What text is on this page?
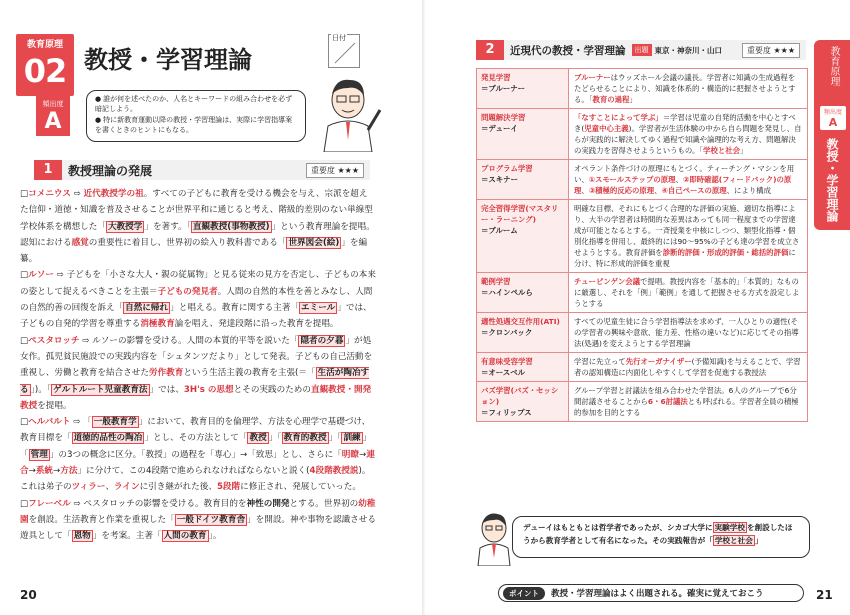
教育原理
02 教授・学習理論
日付
頻出度
A
● 誰が何を述べたのか、人名とキーワードの組み合わせを必ず暗記しよう。
● 特に新教育運動以降の教授・学習理論は、実際に学習指導案を書くときのヒントにもなる。
1	教授理論の発展	重要度 ★★★
□コメニウス ⇨ 近代教授学の祖。すべての子どもに教育を受ける機会を与え、宗派を超えた信仰・道徳・知識を普及させることが世界平和に通じると考え、階級的差別のない単線型学校体系を構想した「 大教授学 」を著す。「 直観教授(事物教授) 」という教育理論を提唱。認知における感覚の重要性に着目し、世界初の絵入り教科書である「 世界図会(絵) 」を編纂。
□ルソー ⇨ 子どもを「小さな大人・親の従属物」と見る従来の見方を否定し、子どもの本来の姿として捉えるべきことを主張＝子どもの発見者。人間の自然的本性を善とみなし、人間の自然的善の回復を訴え「 自然に帰れ 」と唱える。教育に関する主著「 エミール 」では、子どもの自発的学習を尊重する消極教育論を唱え、発達段階に沿った教育を提唱。
□ペスタロッチ ⇨ ルソーの影響を受ける。人間の本質的平等を説いた「 隠者の夕暮 」が処女作。孤児貧民施設での実践内容を「シュタンツだより」として発表。子どもの自己活動を重視し、労働と教育を結合させた労作教育という生活主義の教育を主張(＝「 生活が陶冶する 」)。「 ゲルトルート児童教育法 」では、3H's の思想とその実践のための直観教授・開発教授を提唱。
□ヘルバルト ⇨ 「 一般教育学 」において、教育目的を倫理学、方法を心理学で基礎づけ、教育目標を「 道徳的品性の陶冶 」とし、その方法として「 教授 」「 教育的教授 」「 訓練 」「 管理 」の3つの概念に区分。「教授」の過程を「専心」→「致思」とし、さらに「明瞭→連合→系統→方法」に分けて、この4段階で進められなければならないと説く(4段階教授説)。これは弟子のツィラー、ラインに引き継がれた後、5段階に修正され、発展していった。
□フレーベル ⇨ ペスタロッチの影響を受ける。教育目的を神性の開発とする。世界初の幼稚園を創設。生活教育と作業を重視した「 一般ドイツ教育舎 」を開設。神や事物を認識させる遊具として「 恩物 」を考案。主著「 人間の教育 」。
20
2	近現代の教授・学習理論	出題 東京・神奈川・山口	重要度 ★★★
発見学習
＝ブルーナー	ブルーナーはウッズホール会議の議長。学習者に知識の生成過程をたどらせることにより、知識を体系的・構造的に把握させようとする。「教育の過程」

問題解決学習
＝デューイ	「なすことによって学ぶ」＝学習は児童の自発的活動を中心とすべき(児童中心主義)。学習者が生活体験の中から自ら問題を発見し、自らが実践的に解決してゆく過程で知識や論理的な考え方、問題解決の実践力を習得させようというもの。「学校と社会」

プログラム学習
＝スキナー	オペラント条件づけの原理にもとづく。ティーチング・マシンを用い、①スモールステップの原理、②即時確認(フィードバック)の原理、③積極的反応の原理、④自己ペースの原理、により構成

完全習得学習(マスタリー・ラーニング)
＝ブルーム	明確な目標、それにもとづく合理的な評価の実施、適切な指導により、大半の学習者は時間的な差異はあっても同一程度までの学習達成が可能となるとする。一斉授業を中核にしつつ、類型化指導・個別化指導を併用し、最終的には90〜95%の子ども達の学習を成立させようとする。教育評価を診断的評価・形成的評価・総括的評価に分け、特に形成的評価を重視

範例学習
＝ハインペルら	チュービンゲン会議で提唱。教授内容を「基本的」「本質的」なものに厳選し、それを「例」「範例」を通して把握させる方式を設定しようとする

適性処遇交互作用(ATI)
＝クロンバック	すべての児童生徒に合う学習指導法を求めず、一人ひとりの適性(その学習者の興味や意欲、能力差、性格の違いなど)に応じてその指導法(処遇)を変えようとする学習理論

有意味受容学習
＝オースベル	学習に先立って先行オーガナイザー(予備知識)を与えることで、学習者の認知構造に内面化しやすくして学習を促進する教授法

バズ学習(バズ・セッション)
＝フィリップス	グループ学習と討議法を組み合わせた学習法。6人のグループで6分間討議させることから6・6討議法とも呼ばれる。学習者全員の積極的参加を目的とする
教育原理
頻出度
A
教授・学習理論
デューイはもともとは哲学者であったが、シカゴ大学に 実験学校 を創設したほうから教育学者として有名になった。その実践報告が「 学校と社会 」
ポイント	教授・学習理論はよく出題される。確実に覚えておこう	21
